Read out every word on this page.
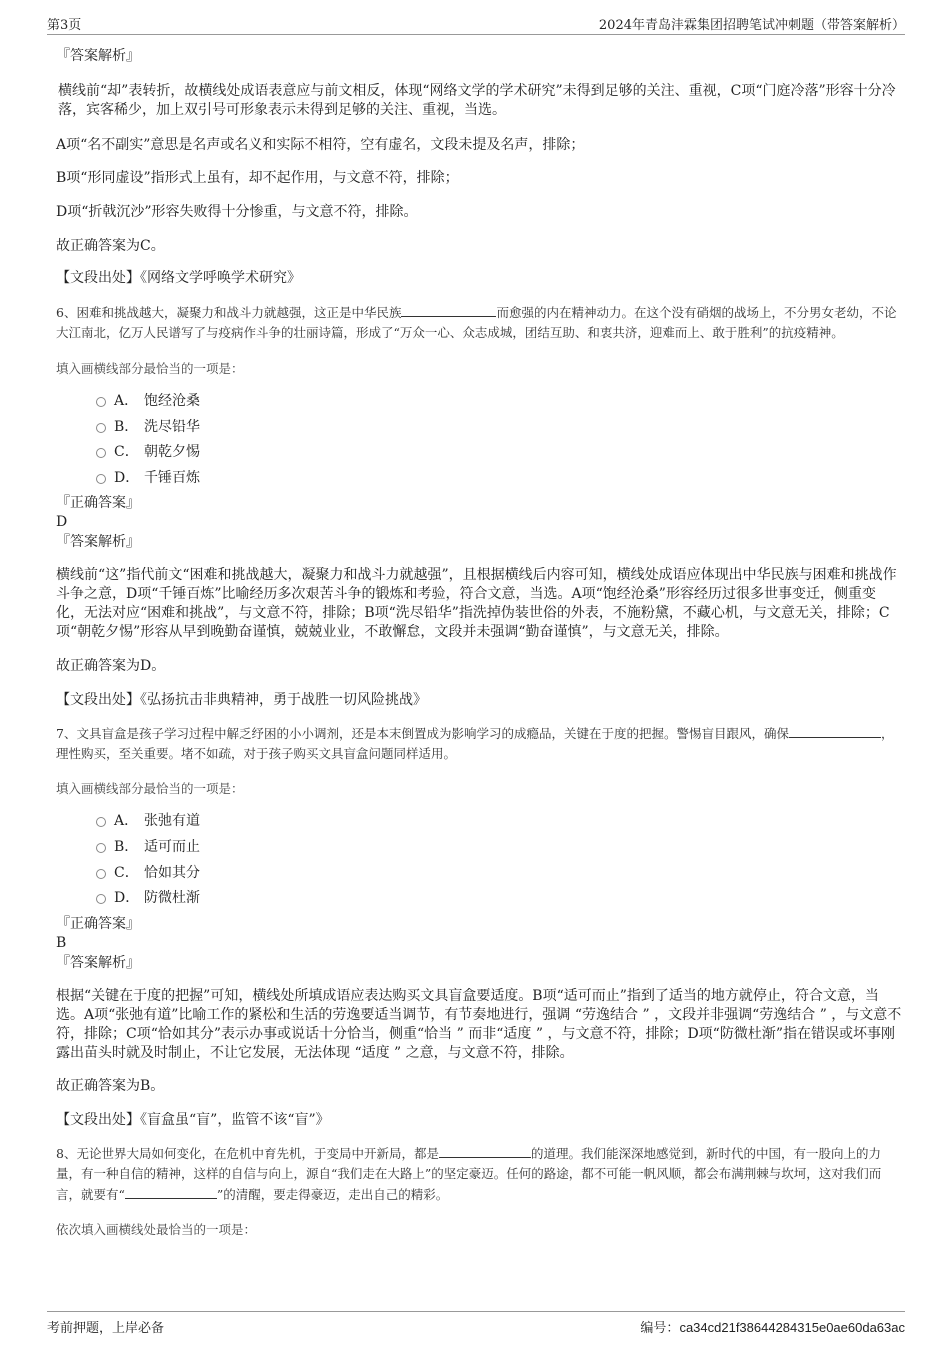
第3页	2024年青岛沣霖集团招聘笔试冲刺题（带答案解析）

『答案解析』

横线前“却”表转折，故横线处成语表意应与前文相反，体现“网络文学的学术研究”未得到足够的关注、重视，C项“门庭冷落”形容十分冷落，宾客稀少，加上双引号可形象表示未得到足够的关注、重视，当选。

A项“名不副实”意思是名声或名义和实际不相符，空有虚名，文段未提及名声，排除；

B项“形同虚设”指形式上虽有，却不起作用，与文意不符，排除；

D项“折戟沉沙”形容失败得十分惨重，与文意不符，排除。

故正确答案为C。

【文段出处】《网络文学呼唤学术研究》

6、困难和挑战越大，凝聚力和战斗力就越强，这正是中华民族	而愈强的内在精神动力。在这个没有硝烟的战场上，不分男女老幼，不论大江南北，亿万人民谱写了与疫病作斗争的壮丽诗篇，形成了“万众一心、众志成城，团结互助、和衷共济，迎难而上、敢于胜利”的抗疫精神。

填入画横线部分最恰当的一项是：

A． 饱经沧桑
B． 洗尽铅华
C． 朝乾夕惕
D． 千锤百炼

『正确答案』

D

『答案解析』

横线前“这”指代前文“困难和挑战越大，凝聚力和战斗力就越强”，且根据横线后内容可知，横线处成语应体现出中华民族与困难和挑战作斗争之意，D项“千锤百炼”比喻经历多次艰苦斗争的锻炼和考验，符合文意，当选。A项“饱经沧桑”形容经历过很多世事变迁，侧重变化，无法对应“困难和挑战”，与文意不符，排除；B项“洗尽铅华”指洗掉伪装世俗的外表，不施粉黛，不藏心机，与文意无关，排除；C项“朝乾夕惕”形容从早到晚勤奋谨慎，兢兢业业，不敢懈怠，文段并未强调“勤奋谨慎”，与文意无关，排除。

故正确答案为D。

【文段出处】《弘扬抗击非典精神，勇于战胜一切风险挑战》

7、文具盲盒是孩子学习过程中解乏纾困的小小调剂，还是本末倒置成为影响学习的成瘾品，关键在于度的把握。警惕盲目跟风，确保	，理性购买，至关重要。堵不如疏，对于孩子购买文具盲盒问题同样适用。

填入画横线部分最恰当的一项是：

A． 张弛有道
B． 适可而止
C． 恰如其分
D． 防微杜渐

『正确答案』

B

『答案解析』

根据“关键在于度的把握”可知，横线处所填成语应表达购买文具盲盒要适度。B项“适可而止”指到了适当的地方就停止，符合文意，当选。A项“张弛有道”比喻工作的紧松和生活的劳逸要适当调节，有节奏地进行，强调 “劳逸结合 ” ，文段并非强调“劳逸结合 ” ，与文意不符，排除；C项“恰如其分”表示办事或说话十分恰当，侧重“恰当 ” 而非“适度 ” ，与文意不符，排除；D项“防微杜渐”指在错误或坏事刚露出苗头时就及时制止，不让它发展，无法体现 “适度 ” 之意，与文意不符，排除。

故正确答案为B。

【文段出处】《盲盒虽“盲”，监管不该“盲”》

8、无论世界大局如何变化，在危机中育先机，于变局中开新局，都是	的道理。我们能深深地感觉到，新时代的中国，有一股向上的力量，有一种自信的精神，这样的自信与向上，源自“我们走在大路上”的坚定豪迈。任何的路途，都不可能一帆风顺，都会布满荆棘与坎坷，这对我们而言，就要有“	”的清醒，要走得豪迈，走出自己的精彩。

依次填入画横线处最恰当的一项是：

考前押题，上岸必备	编号：ca34cd21f38644284315e0ae60da63ac
